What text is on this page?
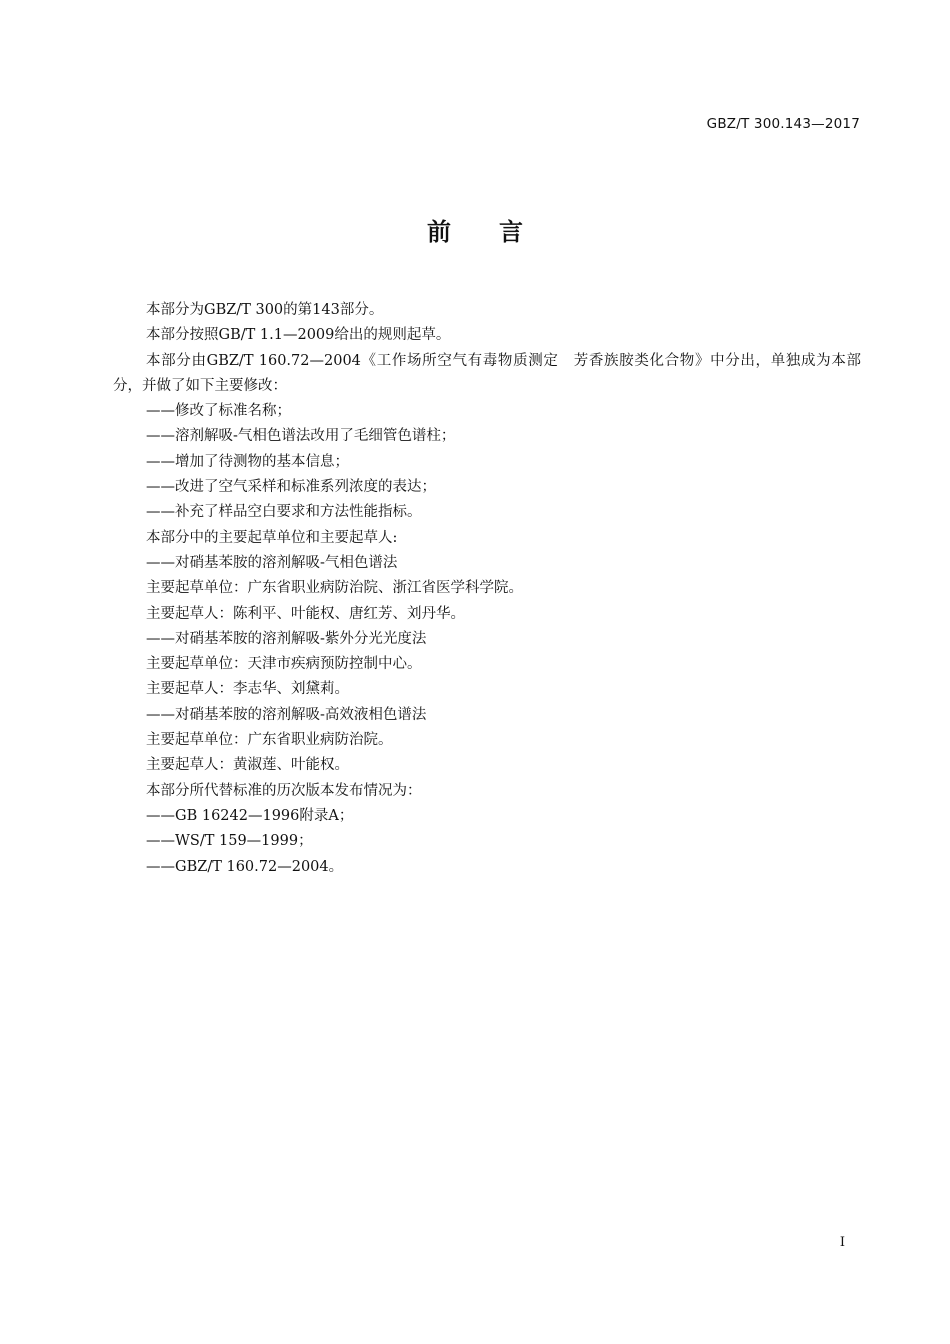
GBZ/T 300.143—2017
前 言

本部分为GBZ/T 300的第143部分。

本部分按照GB/T 1.1—2009给出的规则起草。

本部分由GBZ/T 160.72—2004《工作场所空气有毒物质测定　芳香族胺类化合物》中分出，单独成为本部分，并做了如下主要修改：

——修改了标准名称；

——溶剂解吸-气相色谱法改用了毛细管色谱柱；

——增加了待测物的基本信息；

——改进了空气采样和标准系列浓度的表达；

——补充了样品空白要求和方法性能指标。

本部分中的主要起草单位和主要起草人:

——对硝基苯胺的溶剂解吸-气相色谱法

主要起草单位：广东省职业病防治院、浙江省医学科学院。

主要起草人：陈利平、叶能权、唐红芳、刘丹华。

——对硝基苯胺的溶剂解吸-紫外分光光度法

主要起草单位：天津市疾病预防控制中心。

主要起草人：李志华、刘黛莉。

——对硝基苯胺的溶剂解吸-高效液相色谱法

主要起草单位：广东省职业病防治院。

主要起草人：黄淑莲、叶能权。

本部分所代替标准的历次版本发布情况为：

——GB 16242—1996附录A；

——WS/T 159—1999；

——GBZ/T 160.72—2004。

I
